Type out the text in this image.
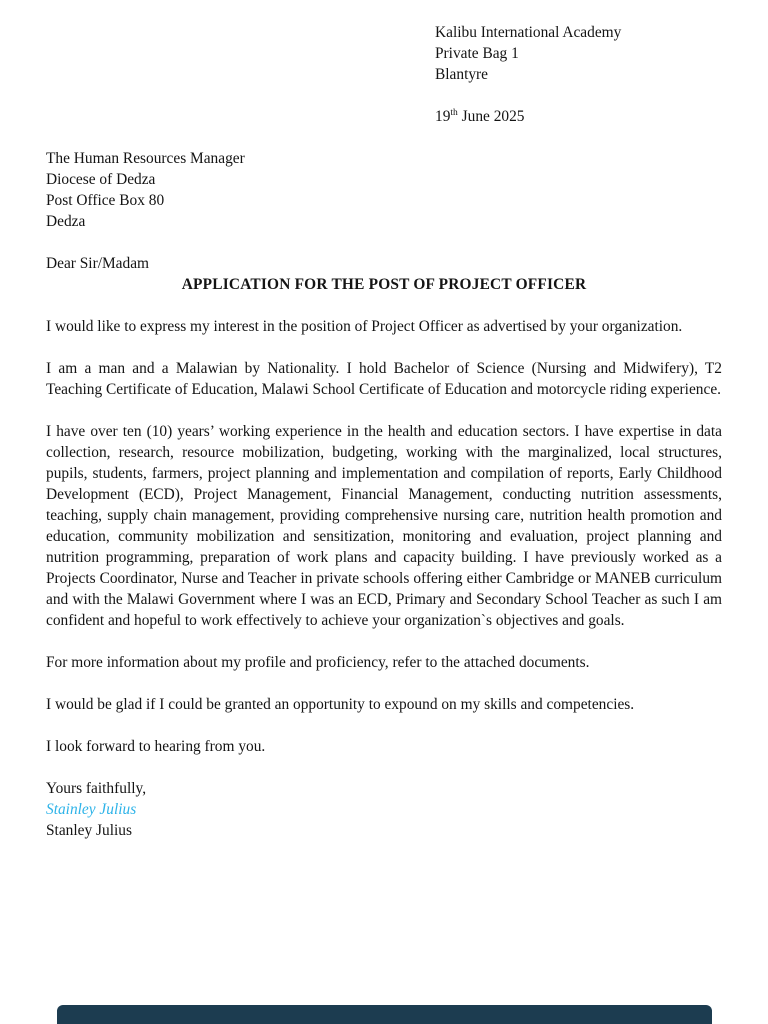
Kalibu International Academy
Private Bag 1
Blantyre
19th June 2025
The Human Resources Manager
Diocese of Dedza
Post Office Box 80
Dedza
Dear Sir/Madam
APPLICATION FOR THE POST OF PROJECT OFFICER

I would like to express my interest in the position of Project Officer as advertised by your organization.

I am a man and a Malawian by Nationality. I hold Bachelor of Science (Nursing and Midwifery), T2 Teaching Certificate of Education, Malawi School Certificate of Education and motorcycle riding experience.

I have over ten (10) years’ working experience in the health and education sectors. I have expertise in data collection, research, resource mobilization, budgeting, working with the marginalized, local structures, pupils, students, farmers, project planning and implementation and compilation of reports, Early Childhood Development (ECD), Project Management, Financial Management, conducting nutrition assessments, teaching, supply chain management, providing comprehensive nursing care, nutrition health promotion and education, community mobilization and sensitization, monitoring and evaluation, project planning and nutrition programming, preparation of work plans and capacity building. I have previously worked as a Projects Coordinator, Nurse and Teacher in private schools offering either Cambridge or MANEB curriculum and with the Malawi Government where I was an ECD, Primary and Secondary School Teacher as such I am confident and hopeful to work effectively to achieve your organization`s objectives and goals.

For more information about my profile and proficiency, refer to the attached documents.

I would be glad if I could be granted an opportunity to expound on my skills and competencies.

I look forward to hearing from you.

Yours faithfully,
Stainley Julius
Stanley Julius
